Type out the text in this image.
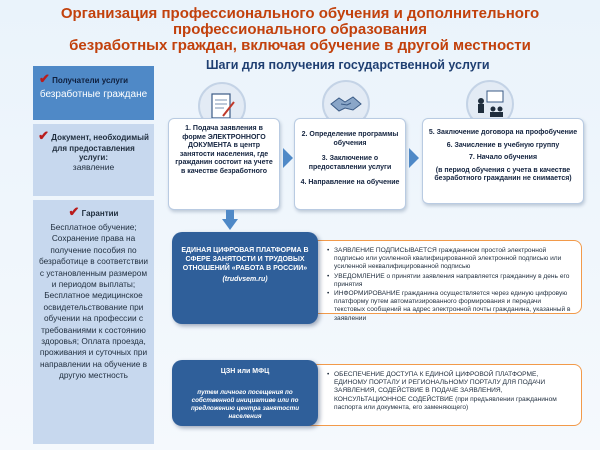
Организация профессионального обучения и дополнительного
профессионального образования
безработных граждан, включая обучение в другой местности
Шаги для получения государственной услуги
✔ Получатели услуги
безработные граждане
✔ Документ, необходимый для предоставления услуги:
заявление
✔ Гарантии
Бесплатное обучение; Сохранение права на получение пособия по безработице в соответствии с установленным размером и периодом выплаты; Бесплатное медицинское освидетельствование при обучении на профессии с требованиями к состоянию здоровья; Оплата проезда, проживания и суточных при направлении на обучение в другую местность

1. Подача заявления в форме ЭЛЕКТРОННОГО ДОКУМЕНТА в центр занятости населения, где гражданин состоит на учете в качестве безработного

2. Определение программы обучения

3. Заключение о предоставлении услуги

4. Направление на обучение

5. Заключение договора на профобучение

6. Зачисление в учебную группу

7. Начало обучения

(в период обучения с учета в качестве безработного гражданин не снимается)

• ЗАЯВЛЕНИЕ ПОДПИСЫВАЕТСЯ гражданином простой электронной подписью или усиленной квалифицированной электронной подписью или усиленной неквалифицированной подписью
• УВЕДОМЛЕНИЕ о принятии заявления направляется гражданину в день его принятия
• ИНФОРМИРОВАНИЕ гражданина осуществляется через единую цифровую платформу путем автоматизированного формирования и передачи текстовых сообщений на адрес электронной почты гражданина, указанный в заявлении
ЕДИНАЯ ЦИФРОВАЯ ПЛАТФОРМА В СФЕРЕ ЗАНЯТОСТИ И ТРУДОВЫХ ОТНОШЕНИЙ «РАБОТА В РОССИИ»
(trudvsem.ru)
• ОБЕСПЕЧЕНИЕ ДОСТУПА К ЕДИНОЙ ЦИФРОВОЙ ПЛАТФОРМЕ, ЕДИНОМУ ПОРТАЛУ И РЕГИОНАЛЬНОМУ ПОРТАЛУ ДЛЯ ПОДАЧИ ЗАЯВЛЕНИЯ, СОДЕЙСТВИЕ В ПОДАЧЕ ЗАЯВЛЕНИЯ, КОНСУЛЬТАЦИОННОЕ СОДЕЙСТВИЕ (при предъявлении гражданином паспорта или документа, его заменяющего)
ЦЗН или МФЦ
путем личного посещения по собственной инициативе или по предложению центра занятости населения
